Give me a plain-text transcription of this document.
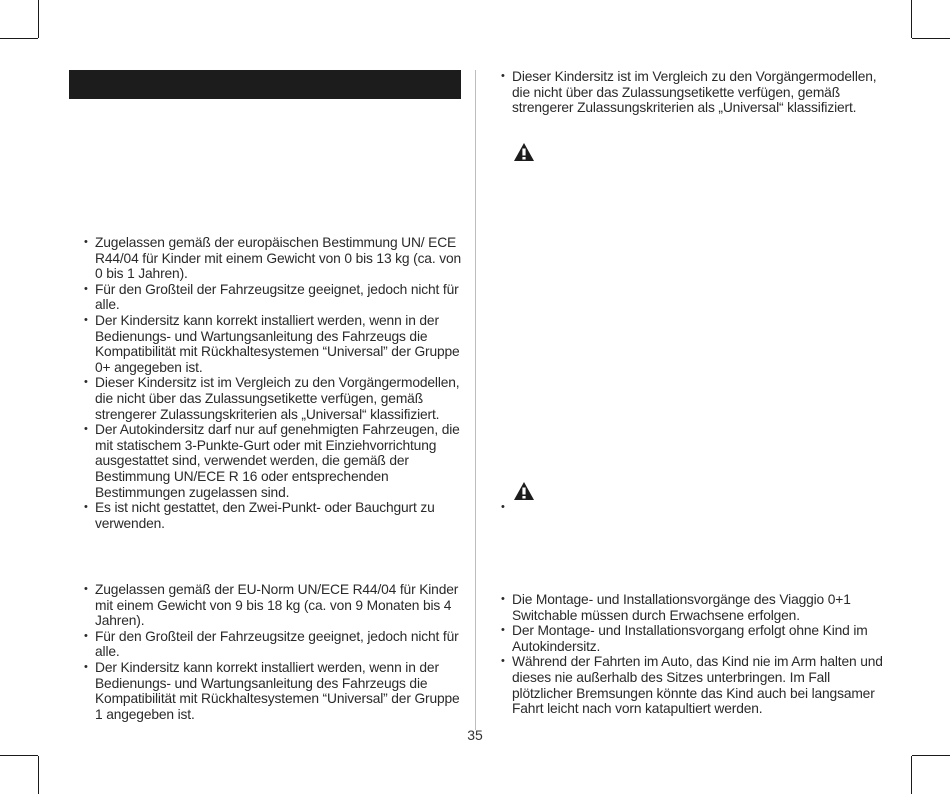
• Zugelassen gemäß der europäischen Bestimmung UN/ ECE R44/04 für Kinder mit einem Gewicht von 0 bis 13 kg (ca. von 0 bis 1 Jahren).
• Für den Großteil der Fahrzeugsitze geeignet, jedoch nicht für alle.
• Der Kindersitz kann korrekt installiert werden, wenn in der Bedienungs- und Wartungsanleitung des Fahrzeugs die Kompatibilität mit Rückhaltesystemen “Universal” der Gruppe 0+ angegeben ist.
• Dieser Kindersitz ist im Vergleich zu den Vorgängermodellen, die nicht über das Zulassungsetikette verfügen, gemäß strengerer Zulassungskriterien als „Universal“ klassifiziert.
• Der Autokindersitz darf nur auf genehmigten Fahrzeugen, die mit statischem 3-Punkte-Gurt oder mit Einziehvorrichtung ausgestattet sind, verwendet werden, die gemäß der Bestimmung UN/ECE R 16 oder entsprechenden Bestimmungen zugelassen sind.
• Es ist nicht gestattet, den Zwei-Punkt- oder Bauchgurt zu verwenden.
• Zugelassen gemäß der EU-Norm UN/ECE R44/04 für Kinder mit einem Gewicht von 9 bis 18 kg (ca. von 9 Monaten bis 4 Jahren).
• Für den Großteil der Fahrzeugsitze geeignet, jedoch nicht für alle.
• Der Kindersitz kann korrekt installiert werden, wenn in der Bedienungs- und Wartungsanleitung des Fahrzeugs die Kompatibilität mit Rückhaltesystemen “Universal” der Gruppe 1 angegeben ist.
• Dieser Kindersitz ist im Vergleich zu den Vorgängermodellen, die nicht über das Zulassungsetikette verfügen, gemäß strengerer Zulassungskriterien als „Universal“ klassifiziert.
•
• Die Montage- und Installationsvorgänge des Viaggio 0+1 Switchable müssen durch Erwachsene erfolgen.
• Der Montage- und Installationsvorgang erfolgt ohne Kind im Autokindersitz.
• Während der Fahrten im Auto, das Kind nie im Arm halten und dieses nie außerhalb des Sitzes unterbringen. Im Fall plötzlicher Bremsungen könnte das Kind auch bei langsamer Fahrt leicht nach vorn katapultiert werden.
35
